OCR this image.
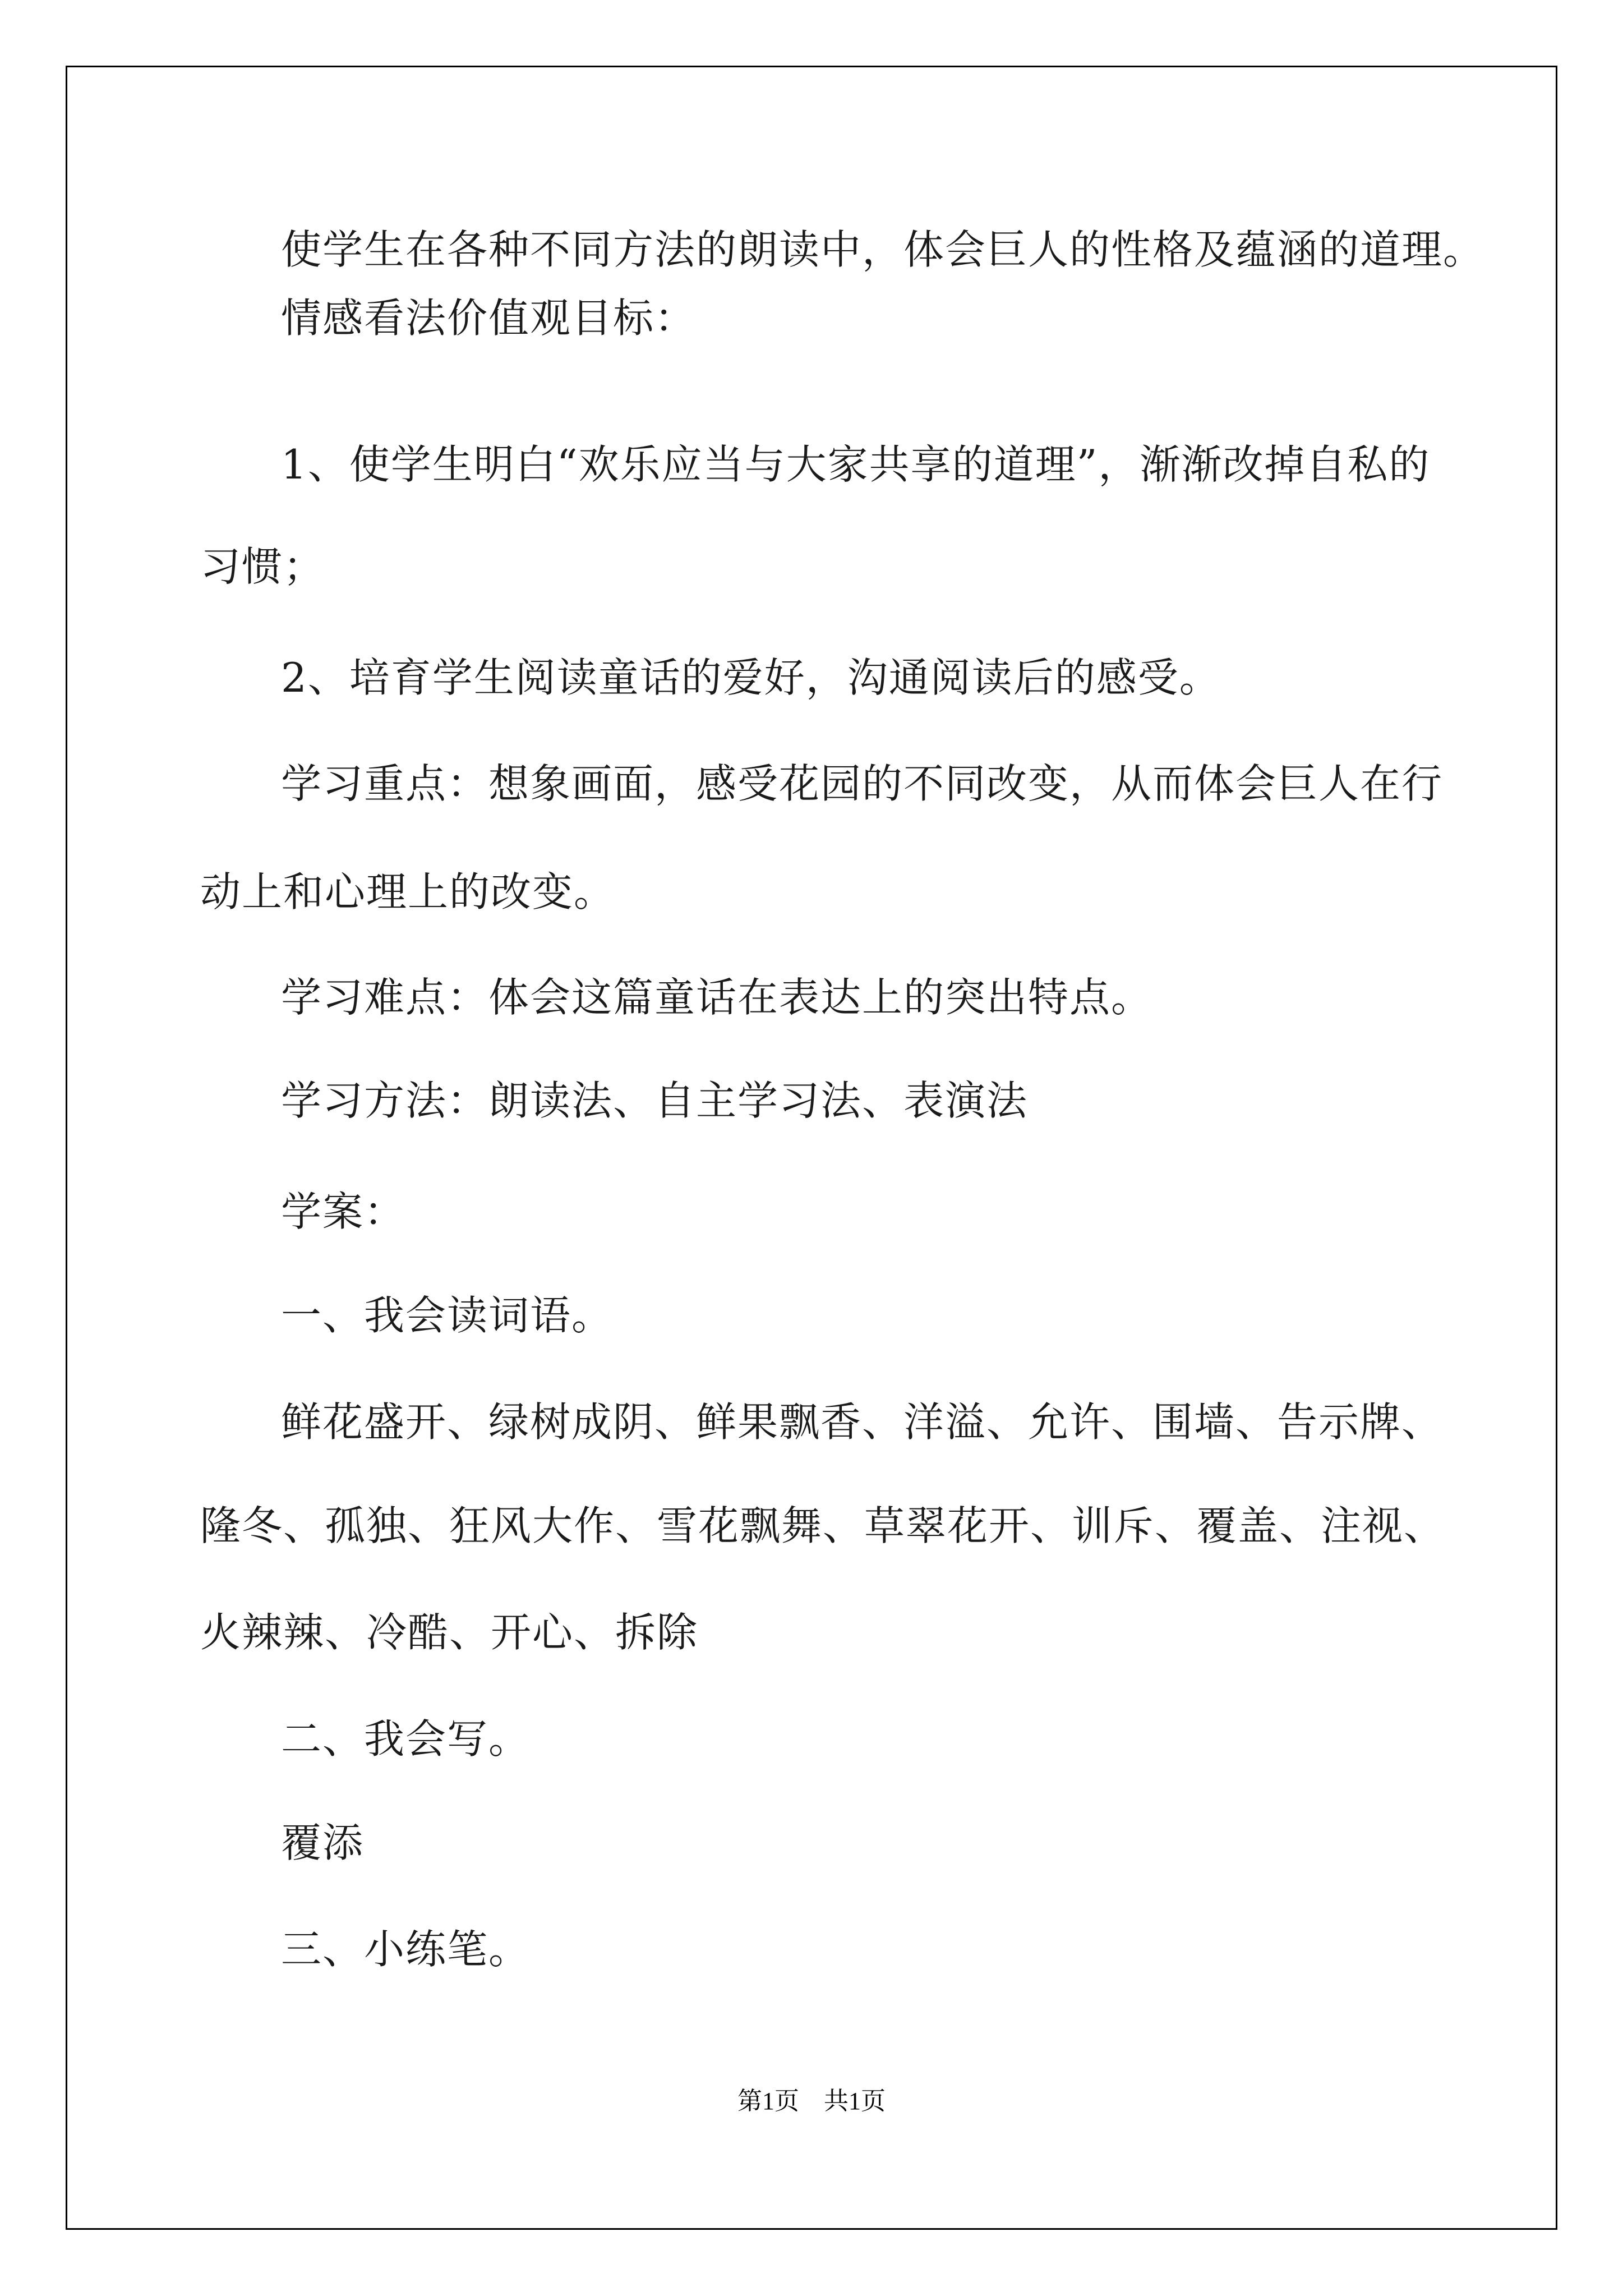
使学生在各种不同方法的朗读中，体会巨人的性格及蕴涵的道理。

情感看法价值观目标：

1、使学生明白“欢乐应当与大家共享的道理”，渐渐改掉自私的

习惯；

2、培育学生阅读童话的爱好，沟通阅读后的感受。

学习重点：想象画面，感受花园的不同改变，从而体会巨人在行

动上和心理上的改变。

学习难点：体会这篇童话在表达上的突出特点。

学习方法：朗读法、自主学习法、表演法

学案：

一、我会读词语。

鲜花盛开、绿树成阴、鲜果飘香、洋溢、允许、围墙、告示牌、

隆冬、孤独、狂风大作、雪花飘舞、草翠花开、训斥、覆盖、注视、

火辣辣、冷酷、开心、拆除

二、我会写。

覆添

三、小练笔。

第1页　共1页
